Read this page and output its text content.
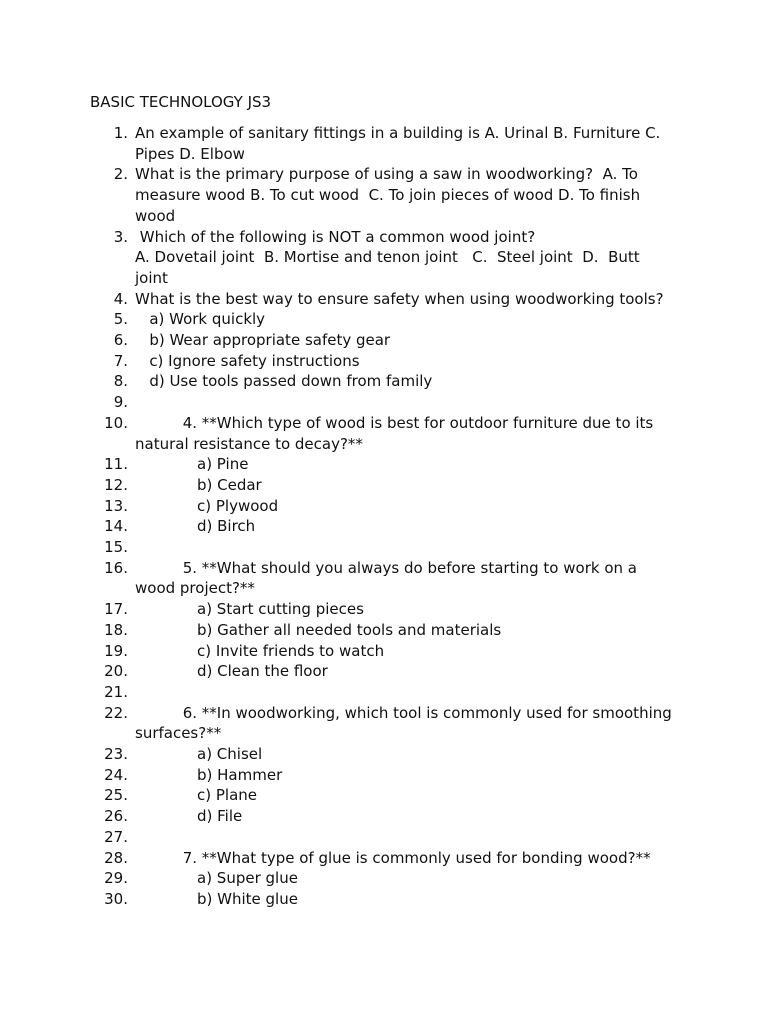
BASIC TECHNOLOGY JS3
1. An example of sanitary fittings in a building is A. Urinal B. Furniture C. Pipes D. Elbow
2. What is the primary purpose of using a saw in woodworking?  A. To measure wood B. To cut wood  C. To join pieces of wood D. To finish wood
3. Which of the following is NOT a common wood joint?
A. Dovetail joint  B. Mortise and tenon joint   C.  Steel joint  D.  Butt joint
4. What is the best way to ensure safety when using woodworking tools?
5. a) Work quickly
6. b) Wear appropriate safety gear
7. c) Ignore safety instructions
8. d) Use tools passed down from family
9.
10. 4. **Which type of wood is best for outdoor furniture due to its natural resistance to decay?**
11. a) Pine
12. b) Cedar
13. c) Plywood
14. d) Birch
15.
16. 5. **What should you always do before starting to work on a wood project?**
17. a) Start cutting pieces
18. b) Gather all needed tools and materials
19. c) Invite friends to watch
20. d) Clean the floor
21.
22. 6. **In woodworking, which tool is commonly used for smoothing surfaces?**
23. a) Chisel
24. b) Hammer
25. c) Plane
26. d) File
27.
28. 7. **What type of glue is commonly used for bonding wood?**
29. a) Super glue
30. b) White glue
